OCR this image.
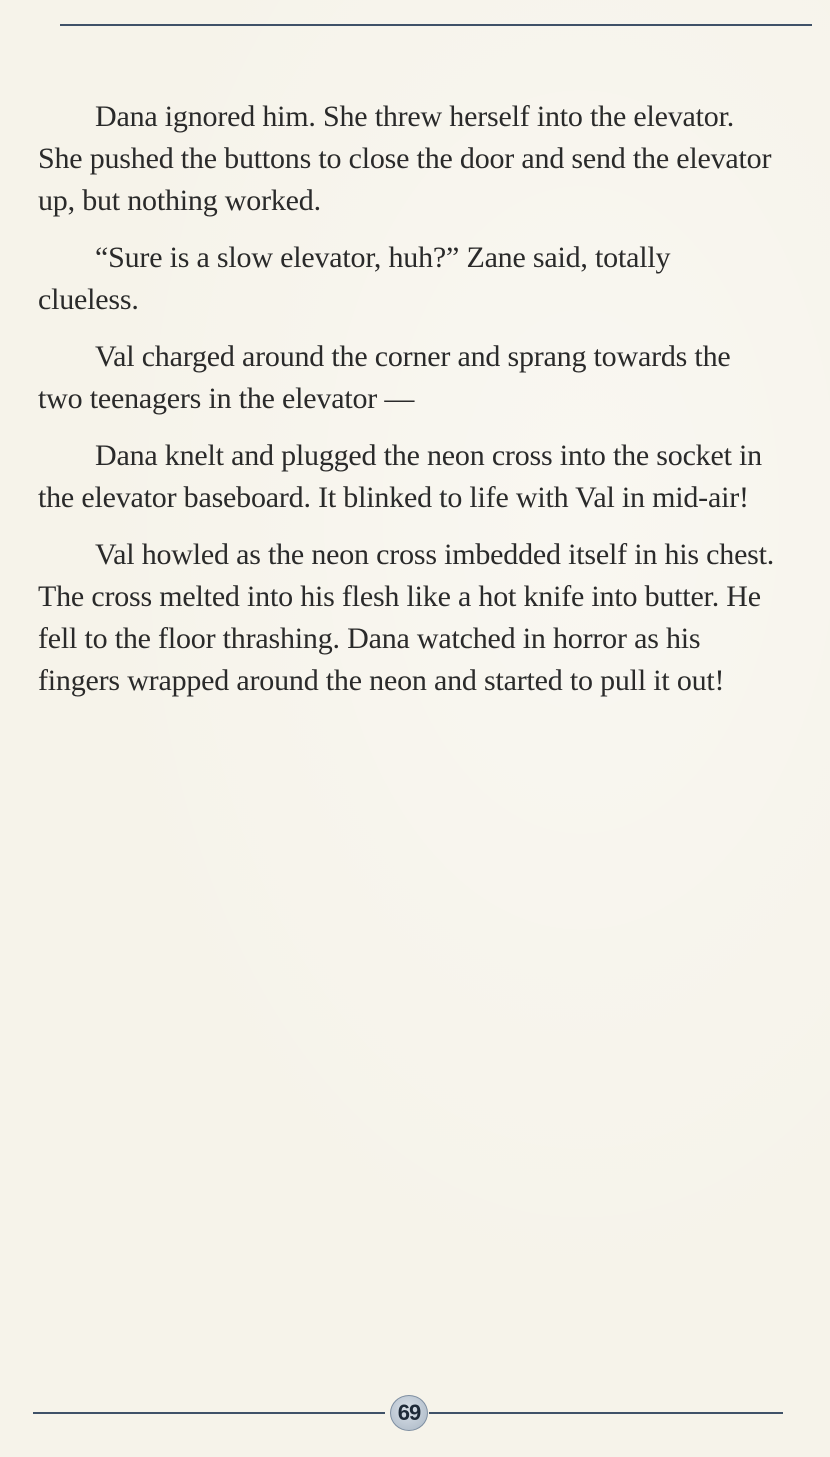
Dana ignored him. She threw herself into the elevator. She pushed the buttons to close the door and send the elevator up, but nothing worked.

“Sure is a slow elevator, huh?” Zane said, totally clueless.

Val charged around the corner and sprang towards the two teenagers in the elevator —

Dana knelt and plugged the neon cross into the socket in the elevator baseboard. It blinked to life with Val in mid-air!

Val howled as the neon cross imbedded itself in his chest. The cross melted into his flesh like a hot knife into butter. He fell to the floor thrashing. Dana watched in horror as his fingers wrapped around the neon and started to pull it out!

69
